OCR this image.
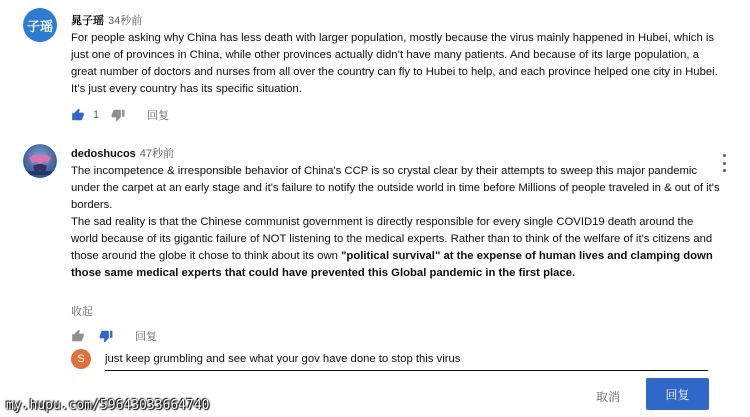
子瑶	晁子瑶 34秒前

For people asking why China has less death with larger population, mostly because the virus mainly happened in Hubei, which is just one of provinces in China, while other provinces actually didn’t have many patients. And because of its large population, a great number of doctors and nurses from all over the country can fly to Hubei to help, and each province helped one city in Hubei. It’s just every country has its specific situation.

1	回复
dedoshucos 47秒前

The incompetence & irresponsible behavior of China's CCP is so crystal clear by their attempts to sweep this major pandemic under the carpet at an early stage and it's failure to notify the outside world in time before Millions of people traveled in & out of it's borders.

The sad reality is that the Chinese communist government is directly responsible for every single COVID19 death around the world because of its gigantic failure of NOT listening to the medical experts. Rather than to think of the welfare of it's citizens and those around the globe it chose to think about its own "political survival" at the expense of human lives and clamping down those same medical experts that could have prevented this Global pandemic in the first place.

收起
回复
S
just keep grumbling and see what your gov have done to stop this virus
取消	回复
my.hupu.com/59643033664740
